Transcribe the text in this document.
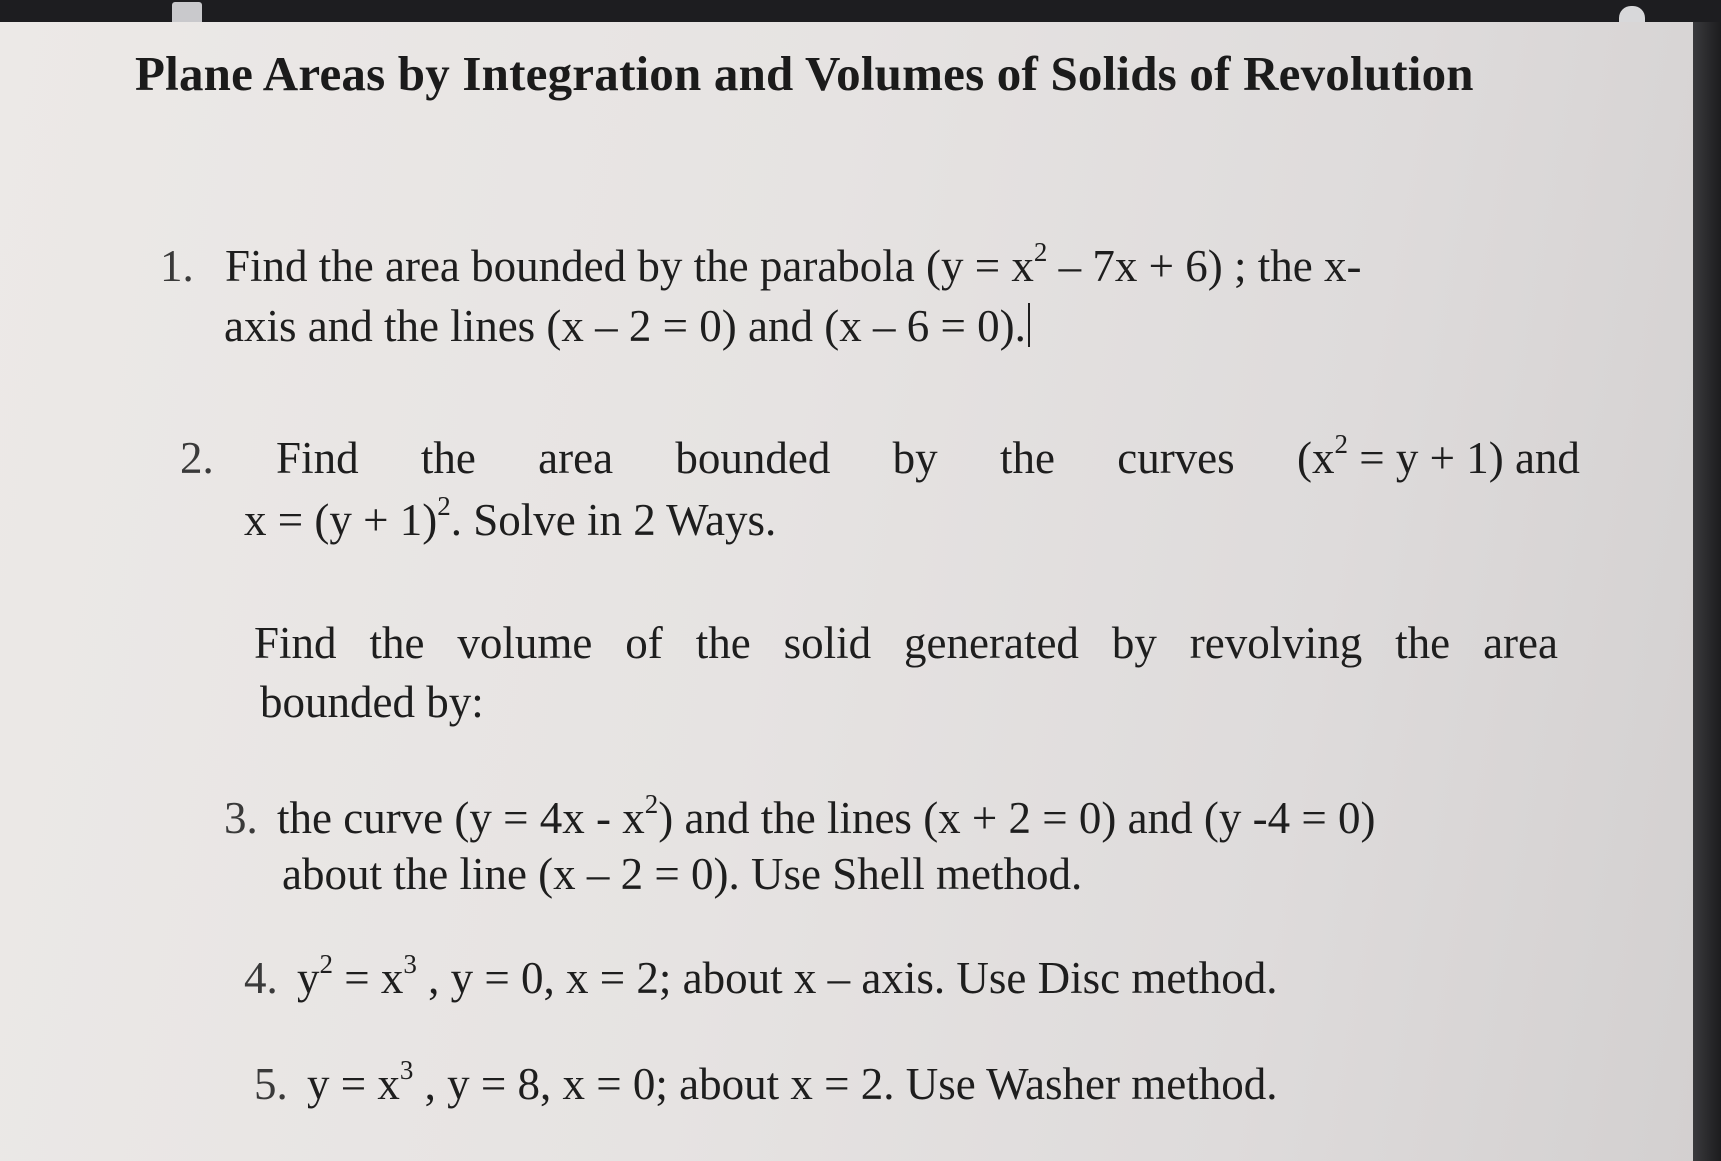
Plane Areas by Integration and Volumes of Solids of Revolution
1. Find the area bounded by the parabola $(y = x^2 - 7x + 6)$ ; the x-
axis and the lines (x – 2 = 0) and (x – 6 = 0).
2. Find the area bounded by the curves $(x^2 = y + 1)$ and
$x = (y + 1)^2$. Solve in 2 Ways.
Find the volume of the solid generated by revolving the area
bounded by:
3. the curve $(y = 4x - x^2)$ and the lines (x + 2 = 0) and (y -4 = 0)
about the line (x – 2 = 0). Use Shell method.
4. $y^2 = x^3$ , y = 0, x = 2; about x – axis. Use Disc method.
5. $y = x^3$ , y = 8, x = 0; about x = 2. Use Washer method.
